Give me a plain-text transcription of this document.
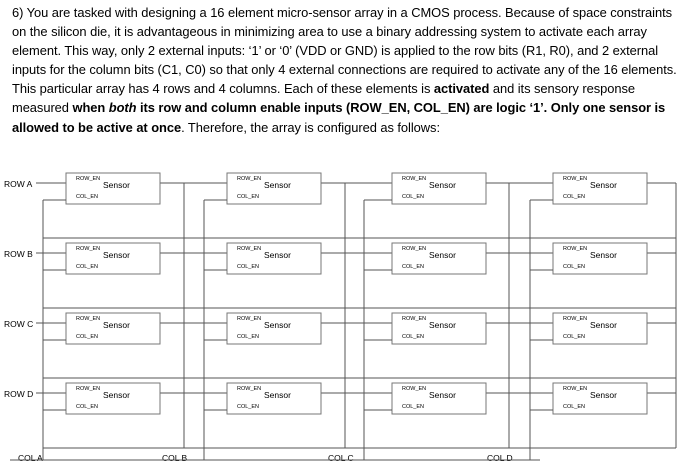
6) You are tasked with designing a 16 element micro-sensor array in a CMOS process. Because of space constraints on the silicon die, it is advantageous in minimizing area to use a binary addressing system to activate each array element. This way, only 2 external inputs: ‘1’ or ‘0’ (VDD or GND) is applied to the row bits (R1, R0), and 2 external inputs for the column bits (C1, C0) so that only 4 external connections are required to activate any of the 16 elements. This particular array has 4 rows and 4 columns. Each of these elements is activated and its sensory response measured when both its row and column enable inputs (ROW_EN, COL_EN) are logic ‘1’. Only one sensor is allowed to be active at once. Therefore, the array is configured as follows:
ROW A	ROW_EN
Sensor
COL_EN
ROW_EN
Sensor
COL_EN
ROW_EN
Sensor
COL_EN
ROW_EN
Sensor
COL_EN
ROW B	ROW_EN
Sensor
COL_EN
ROW_EN
Sensor
COL_EN
ROW_EN
Sensor
COL_EN
ROW_EN
Sensor
COL_EN
ROW C	ROW_EN
Sensor
COL_EN
ROW_EN
Sensor
COL_EN
ROW_EN
Sensor
COL_EN
ROW_EN
Sensor
COL_EN
ROW D	ROW_EN
Sensor
COL_EN
ROW_EN
Sensor
COL_EN
ROW_EN
Sensor
COL_EN
ROW_EN
Sensor
COL_EN
COL A	COL B	COL C	COL D
